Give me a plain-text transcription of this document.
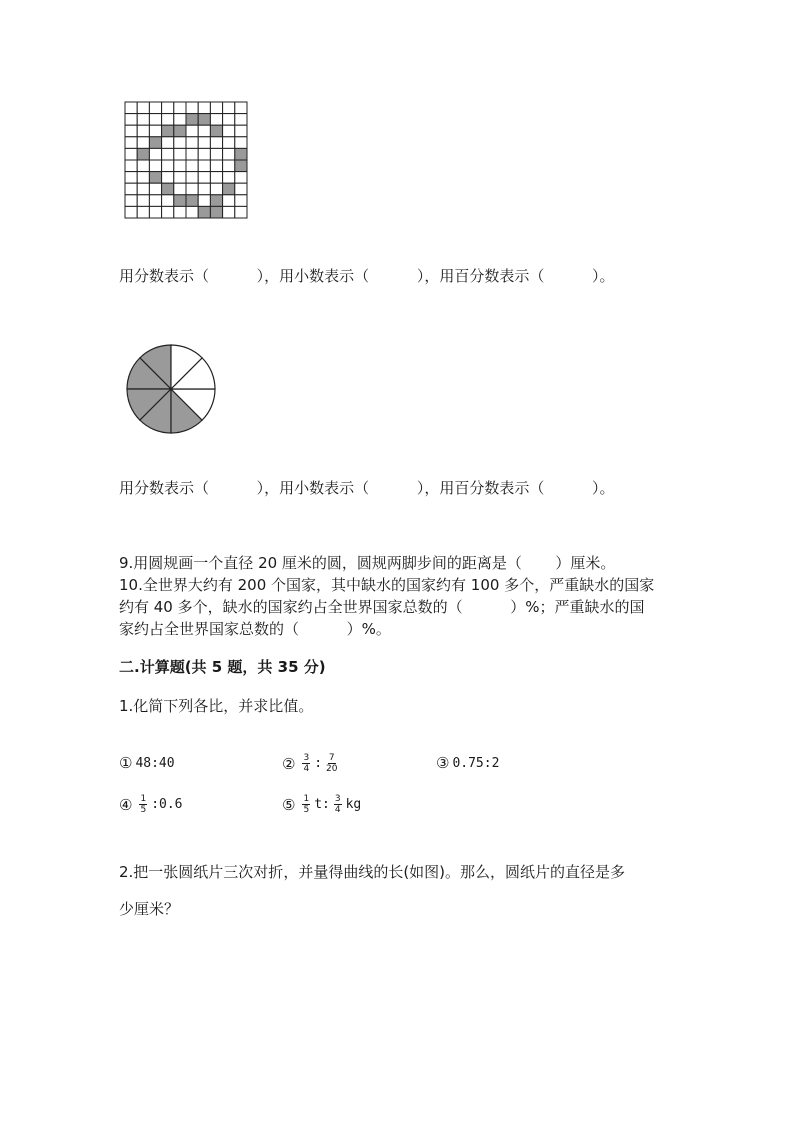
用分数表示（          ），用小数表示（          ），用百分数表示（          ）。
用分数表示（          ），用小数表示（          ），用百分数表示（          ）。
9.用圆规画一个直径 20 厘米的圆，圆规两脚步间的距离是（       ）厘米。
10.全世界大约有 200 个国家，其中缺水的国家约有 100 多个，严重缺水的国家
约有 40 多个，缺水的国家约占全世界国家总数的（          ）%；严重缺水的国
家约占全世界国家总数的（          ）%。
二.计算题(共 5 题，共 35 分)
1.化简下列各比，并求比值。
① 48:40	② $\frac{3}{4}$ : $\frac{7}{20}$	③ 0.75:2
④ $\frac{1}{5}$ :0.6	⑤ $\frac{1}{5} t$: $\frac{3}{4}$ kg
2.把一张圆纸片三次对折，并量得曲线的长(如图)。那么，圆纸片的直径是多
少厘米？
